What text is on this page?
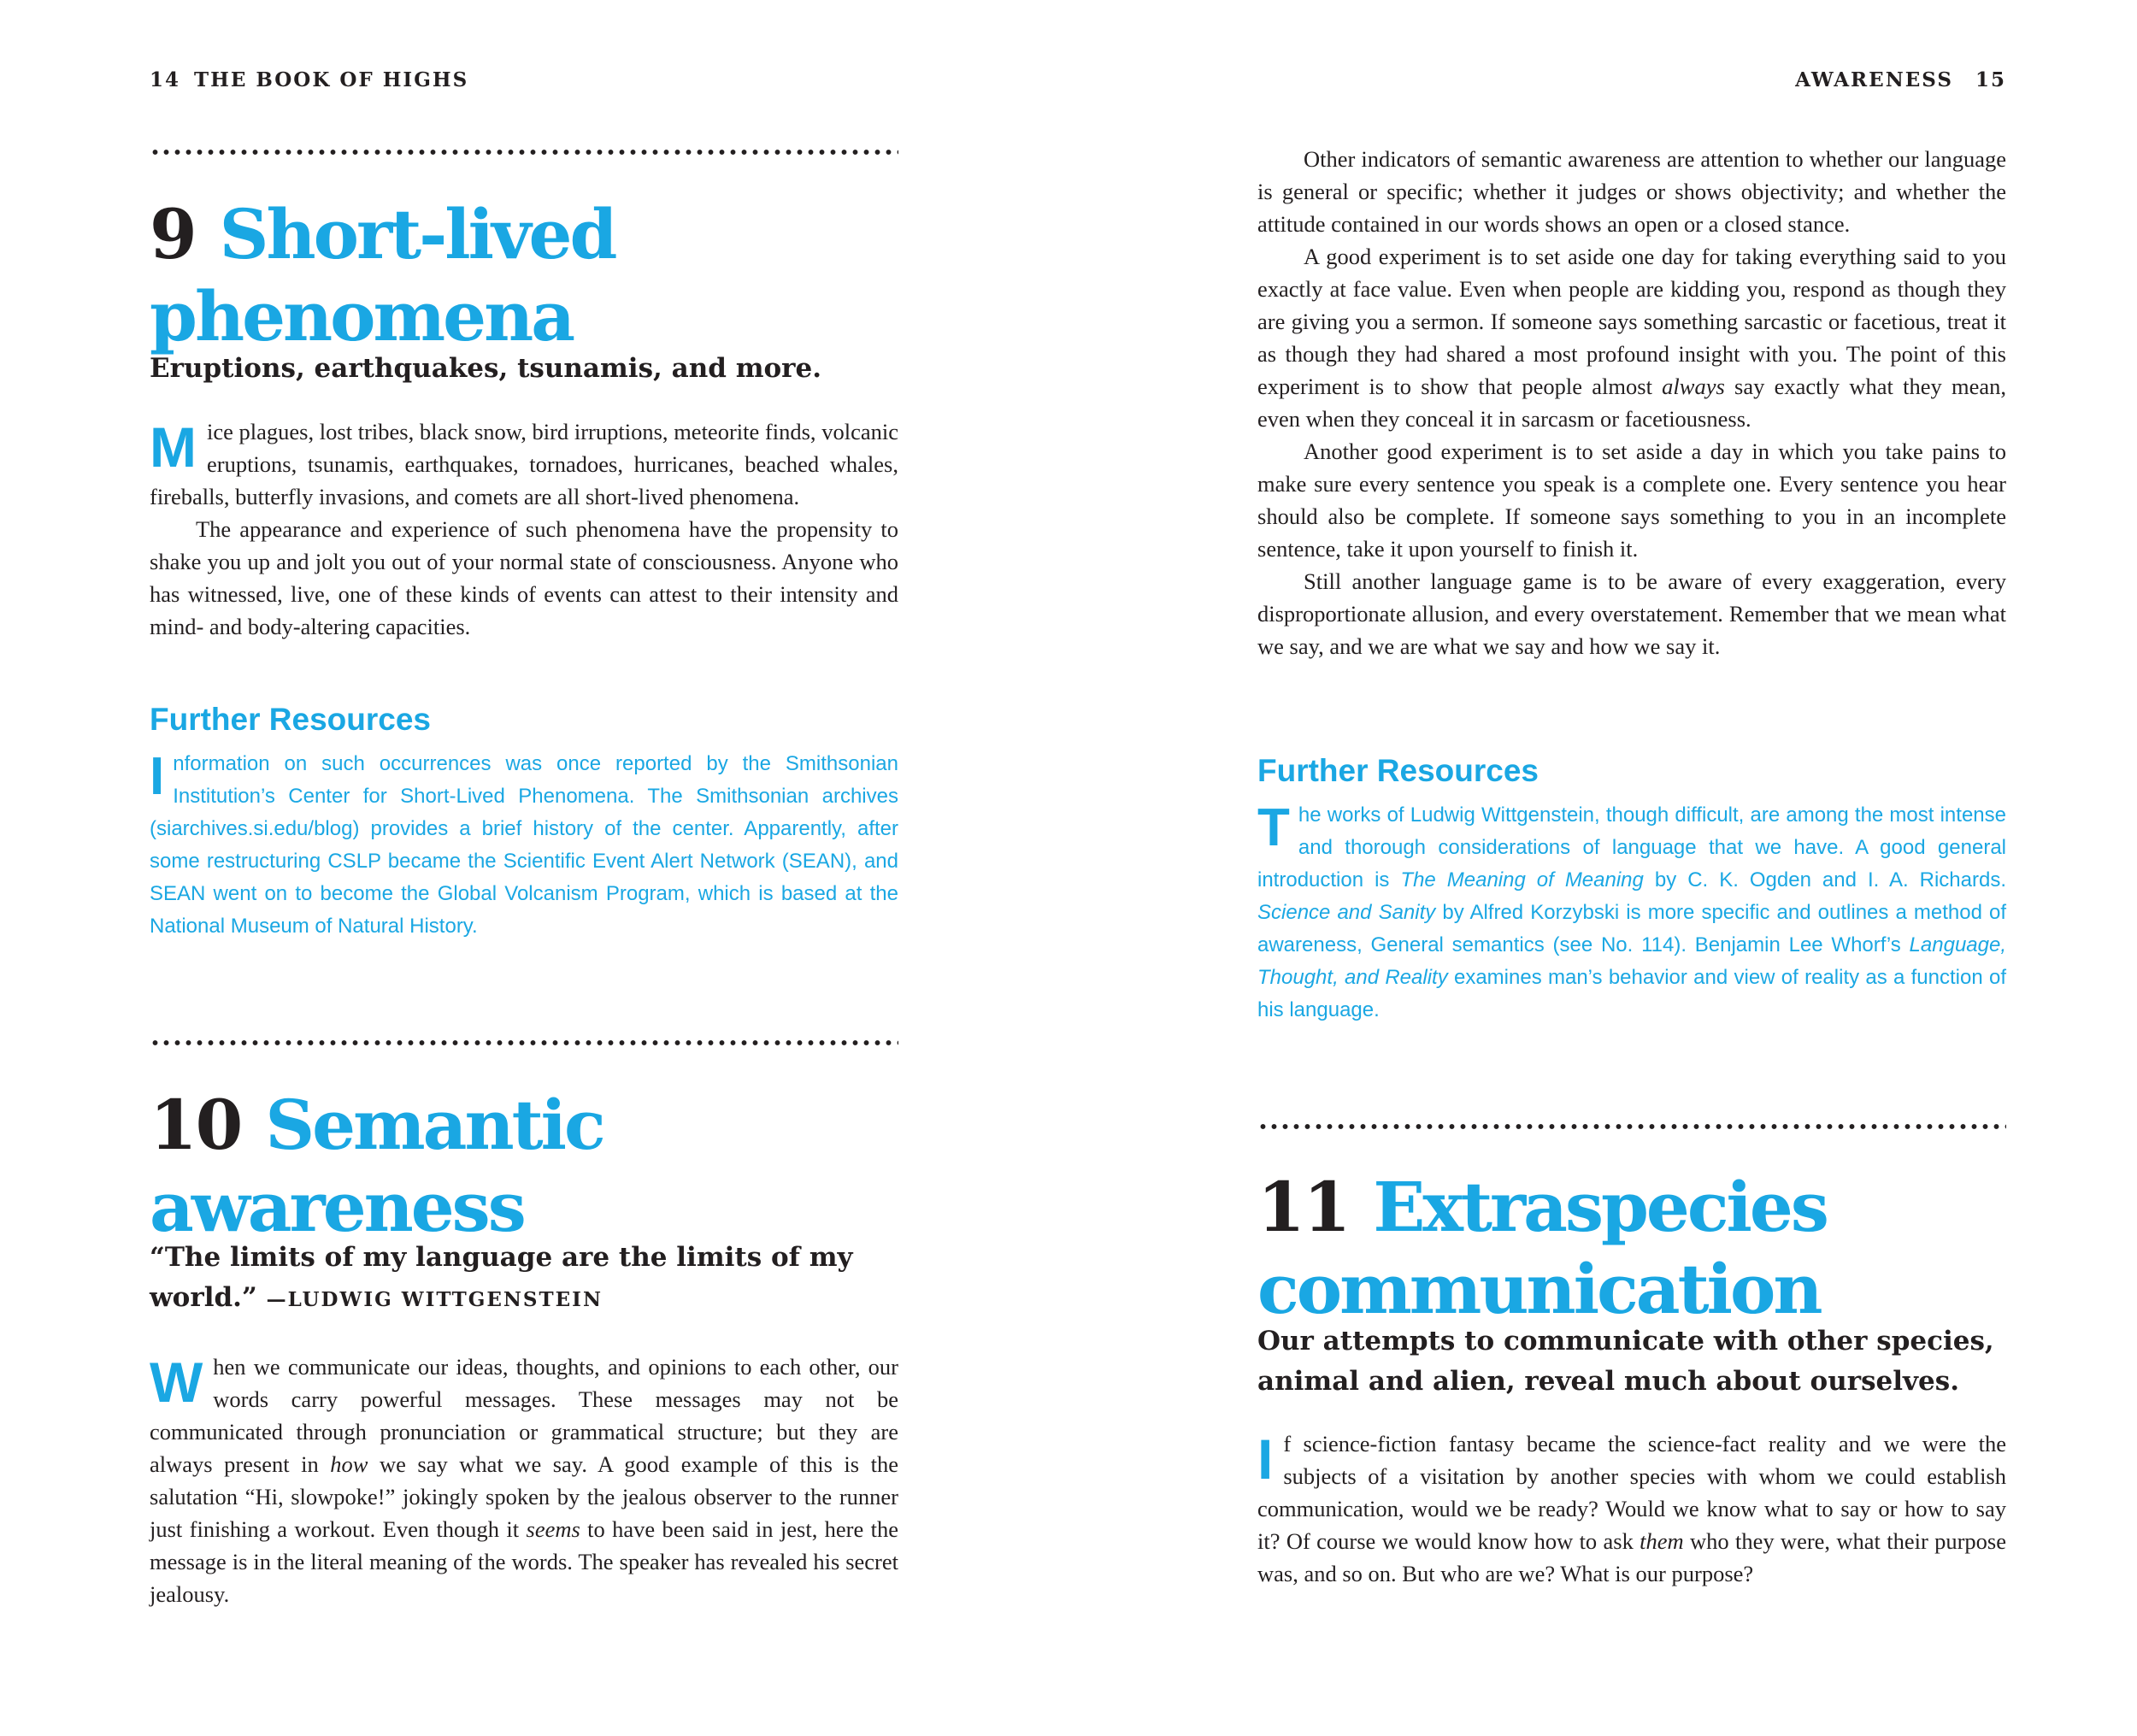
14 THE BOOK OF HIGHS
9 Short-lived
phenomena

Eruptions, earthquakes, tsunamis, and more.

Mice plagues, lost tribes, black snow, bird irruptions, meteorite finds, volcanic eruptions, tsunamis, earthquakes, tornadoes, hurricanes, beached whales, fireballs, butterfly invasions, and comets are all short-lived phenomena.

The appearance and experience of such phenomena have the propensity to shake you up and jolt you out of your normal state of consciousness. Anyone who has witnessed, live, one of these kinds of events can attest to their intensity and mind- and body-altering capacities.

Further Resources
Information on such occurrences was once reported by the Smithsonian Institution’s Center for Short-Lived Phenomena. The Smithsonian archives (siarchives.si.edu/blog) provides a brief history of the center. Apparently, after some restructuring CSLP became the Scientific Event Alert Network (SEAN), and SEAN went on to become the Global Volcanism Program, which is based at the National Museum of Natural History.
10 Semantic
awareness

“The limits of my language are the limits of my world.” —LUDWIG WITTGENSTEIN

When we communicate our ideas, thoughts, and opinions to each other, our words carry powerful messages. These messages may not be communicated through pronunciation or grammatical structure; but they are always present in how we say what we say. A good example of this is the salutation “Hi, slowpoke!” jokingly spoken by the jealous observer to the runner just finishing a workout. Even though it seems to have been said in jest, here the message is in the literal meaning of the words. The speaker has revealed his secret jealousy.

AWARENESS 15

Other indicators of semantic awareness are attention to whether our language is general or specific; whether it judges or shows objectivity; and whether the attitude contained in our words shows an open or a closed stance.

A good experiment is to set aside one day for taking everything said to you exactly at face value. Even when people are kidding you, respond as though they are giving you a sermon. If someone says something sarcastic or facetious, treat it as though they had shared a most profound insight with you. The point of this experiment is to show that people almost always say exactly what they mean, even when they conceal it in sarcasm or facetiousness.

Another good experiment is to set aside a day in which you take pains to make sure every sentence you speak is a complete one. Every sentence you hear should also be complete. If someone says something to you in an incomplete sentence, take it upon yourself to finish it.

Still another language game is to be aware of every exaggeration, every disproportionate allusion, and every overstatement. Remember that we mean what we say, and we are what we say and how we say it.

Further Resources
The works of Ludwig Wittgenstein, though difficult, are among the most intense and thorough considerations of language that we have. A good general introduction is The Meaning of Meaning by C. K. Ogden and I. A. Richards. Science and Sanity by Alfred Korzybski is more specific and outlines a method of awareness, General semantics (see No. 114). Benjamin Lee Whorf’s Language, Thought, and Reality examines man’s behavior and view of reality as a function of his language.
11 Extraspecies
communication

Our attempts to communicate with other species, animal and alien, reveal much about ourselves.

If science-fiction fantasy became the science-fact reality and we were the subjects of a visitation by another species with whom we could establish communication, would we be ready? Would we know what to say or how to say it? Of course we would know how to ask them who they were, what their purpose was, and so on. But who are we? What is our purpose?
